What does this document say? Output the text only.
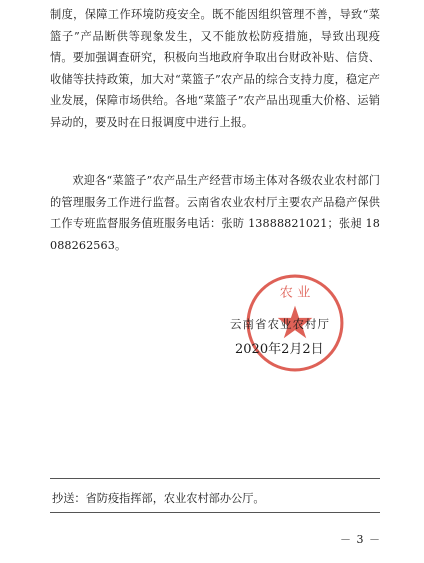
制度，保障工作环境防疫安全。既不能因组织管理不善，导致“菜篮子”产品断供等现象发生，又不能放松防疫措施，导致出现疫情。要加强调查研究，积极向当地政府争取出台财政补贴、信贷、收储等扶持政策，加大对“菜篮子”农产品的综合支持力度，稳定产业发展，保障市场供给。各地“菜篮子”农产品出现重大价格、运销异动的，要及时在日报调度中进行上报。
欢迎各“菜篮子”农产品生产经营市场主体对各级农业农村部门的管理服务工作进行监督。云南省农业农村厅主要农产品稳产保供工作专班监督服务值班服务电话：张昉 13888821021；张昶 18088262563。
农 业
云南省农业农村厅
2020年2月2日
抄送：省防疫指挥部，农业农村部办公厅。
－ 3 －
